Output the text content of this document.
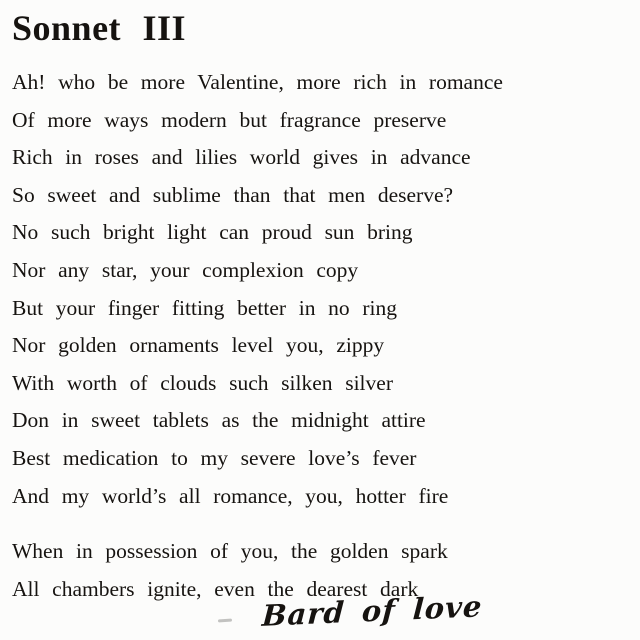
Sonnet III

Ah! who be more Valentine, more rich in romance

Of more ways modern but fragrance preserve

Rich in roses and lilies world gives in advance

So sweet and sublime than that men deserve?

No such bright light can proud sun bring

Nor any star, your complexion copy

But your finger fitting better in no ring

Nor golden ornaments level you, zippy

With worth of clouds such silken silver

Don in sweet tablets as the midnight attire

Best medication to my severe love’s fever

And my world’s all romance, you, hotter fire

When in possession of you, the golden spark

All chambers ignite, even the dearest dark

Bard of love
